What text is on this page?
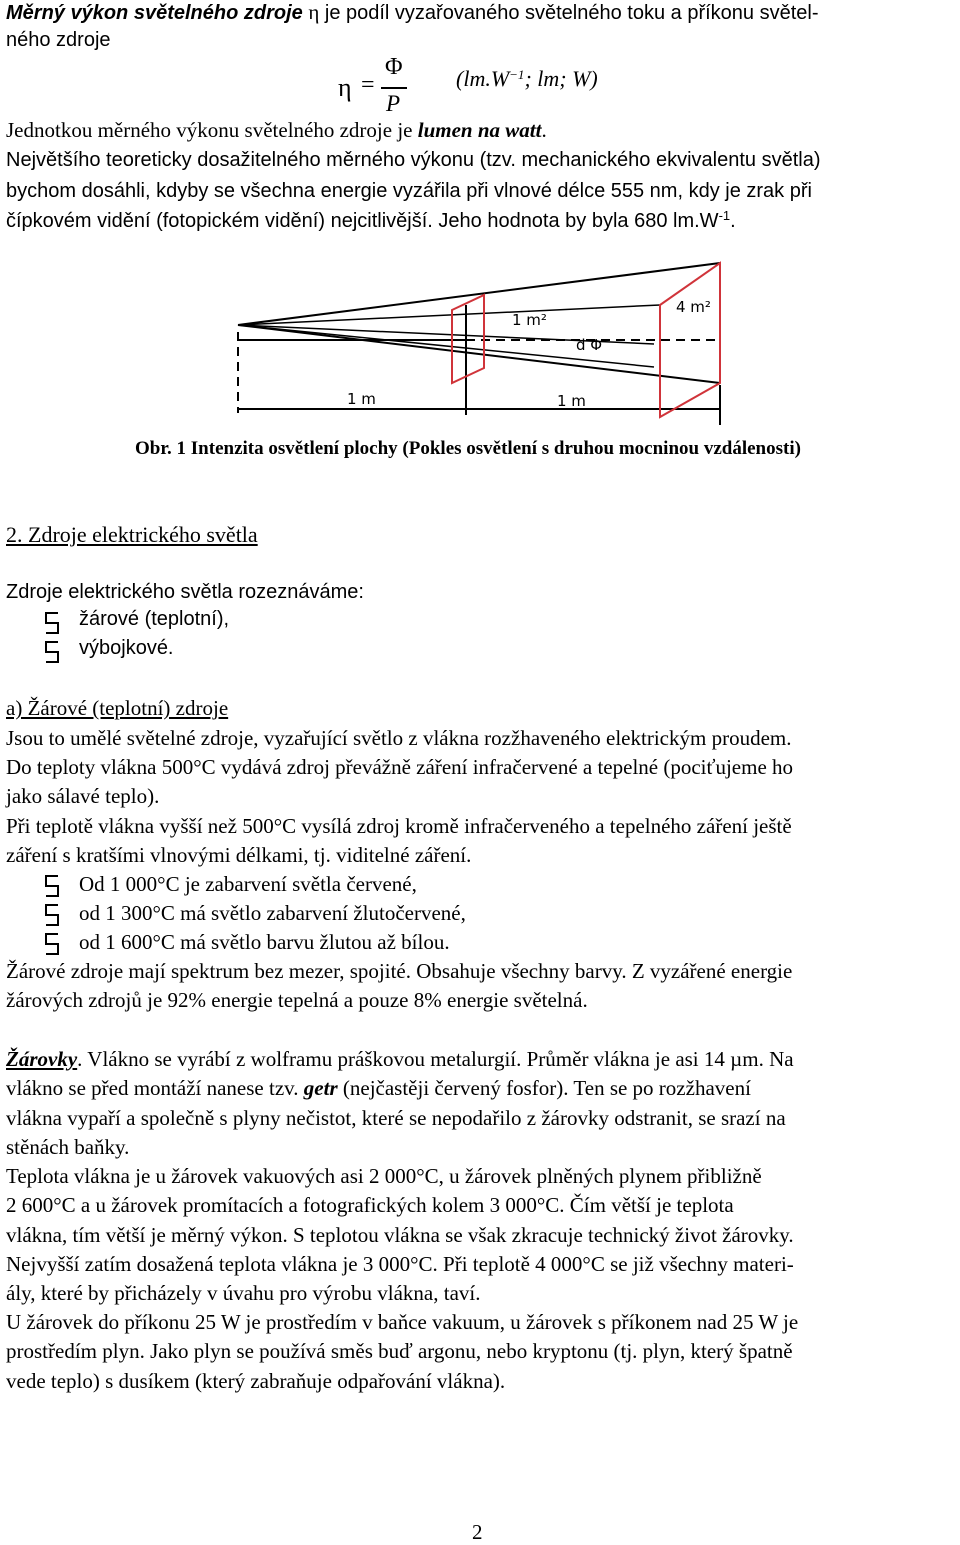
Měrný výkon světelného zdroje η je podíl vyzařovaného světelného toku a příkonu světel-
ného zdroje
η =
Φ
P
($lm.W^{-1}$; lm; W)
Jednotkou měrného výkonu světelného zdroje je lumen na watt.
Největšího teoreticky dosažitelného měrného výkonu (tzv. mechanického ekvivalentu světla)
bychom dosáhli, kdyby se všechna energie vyzářila při vlnové délce 555 nm, kdy je zrak při
čípkovém vidění (fotopickém vidění) nejcitlivější. Jeho hodnota by byla 680 $lm.W^{-1}$.
1 m²
4 m²
d Φ
1 m	1 m
Obr. 1 Intenzita osvětlení plochy (Pokles osvětlení s druhou mocninou vzdálenosti)
2. Zdroje elektrického světla
Zdroje elektrického světla rozeznáváme:
žárové (teplotní),
výbojkové.
a) Žárové (teplotní) zdroje
Jsou to umělé světelné zdroje, vyzařující světlo z vlákna rozžhaveného elektrickým proudem.
Do teploty vlákna 500°C vydává zdroj převážně záření infračervené a tepelné (pociťujeme ho
jako sálavé teplo).
Při teplotě vlákna vyšší než 500°C vysílá zdroj kromě infračerveného a tepelného záření ještě
záření s kratšími vlnovými délkami, tj. viditelné záření.
Od 1 000°C je zabarvení světla červené,
od 1 300°C má světlo zabarvení žlutočervené,
od 1 600°C má světlo barvu žlutou až bílou.
Žárové zdroje mají spektrum bez mezer, spojité. Obsahuje všechny barvy. Z vyzářené energie
žárových zdrojů je 92% energie tepelná a pouze 8% energie světelná.
Žárovky. Vlákno se vyrábí z wolframu práškovou metalurgií. Průměr vlákna je asi 14 µm. Na
vlákno se před montáží nanese tzv. getr (nejčastěji červený fosfor). Ten se po rozžhavení
vlákna vypaří a společně s plyny nečistot, které se nepodařilo z žárovky odstranit, se srazí na
stěnách baňky.
Teplota vlákna je u žárovek vakuových asi 2 000°C, u žárovek plněných plynem přibližně
2 600°C a u žárovek promítacích a fotografických kolem 3 000°C. Čím větší je teplota
vlákna, tím větší je měrný výkon. S teplotou vlákna se však zkracuje technický život žárovky.
Nejvyšší zatím dosažená teplota vlákna je 3 000°C. Při teplotě 4 000°C se již všechny materi-
ály, které by přicházely v úvahu pro výrobu vlákna, taví.
U žárovek do příkonu 25 W je prostředím v baňce vakuum, u žárovek s příkonem nad 25 W je
prostředím plyn. Jako plyn se používá směs buď argonu, nebo kryptonu (tj. plyn, který špatně
vede teplo) s dusíkem (který zabraňuje odpařování vlákna).
2
